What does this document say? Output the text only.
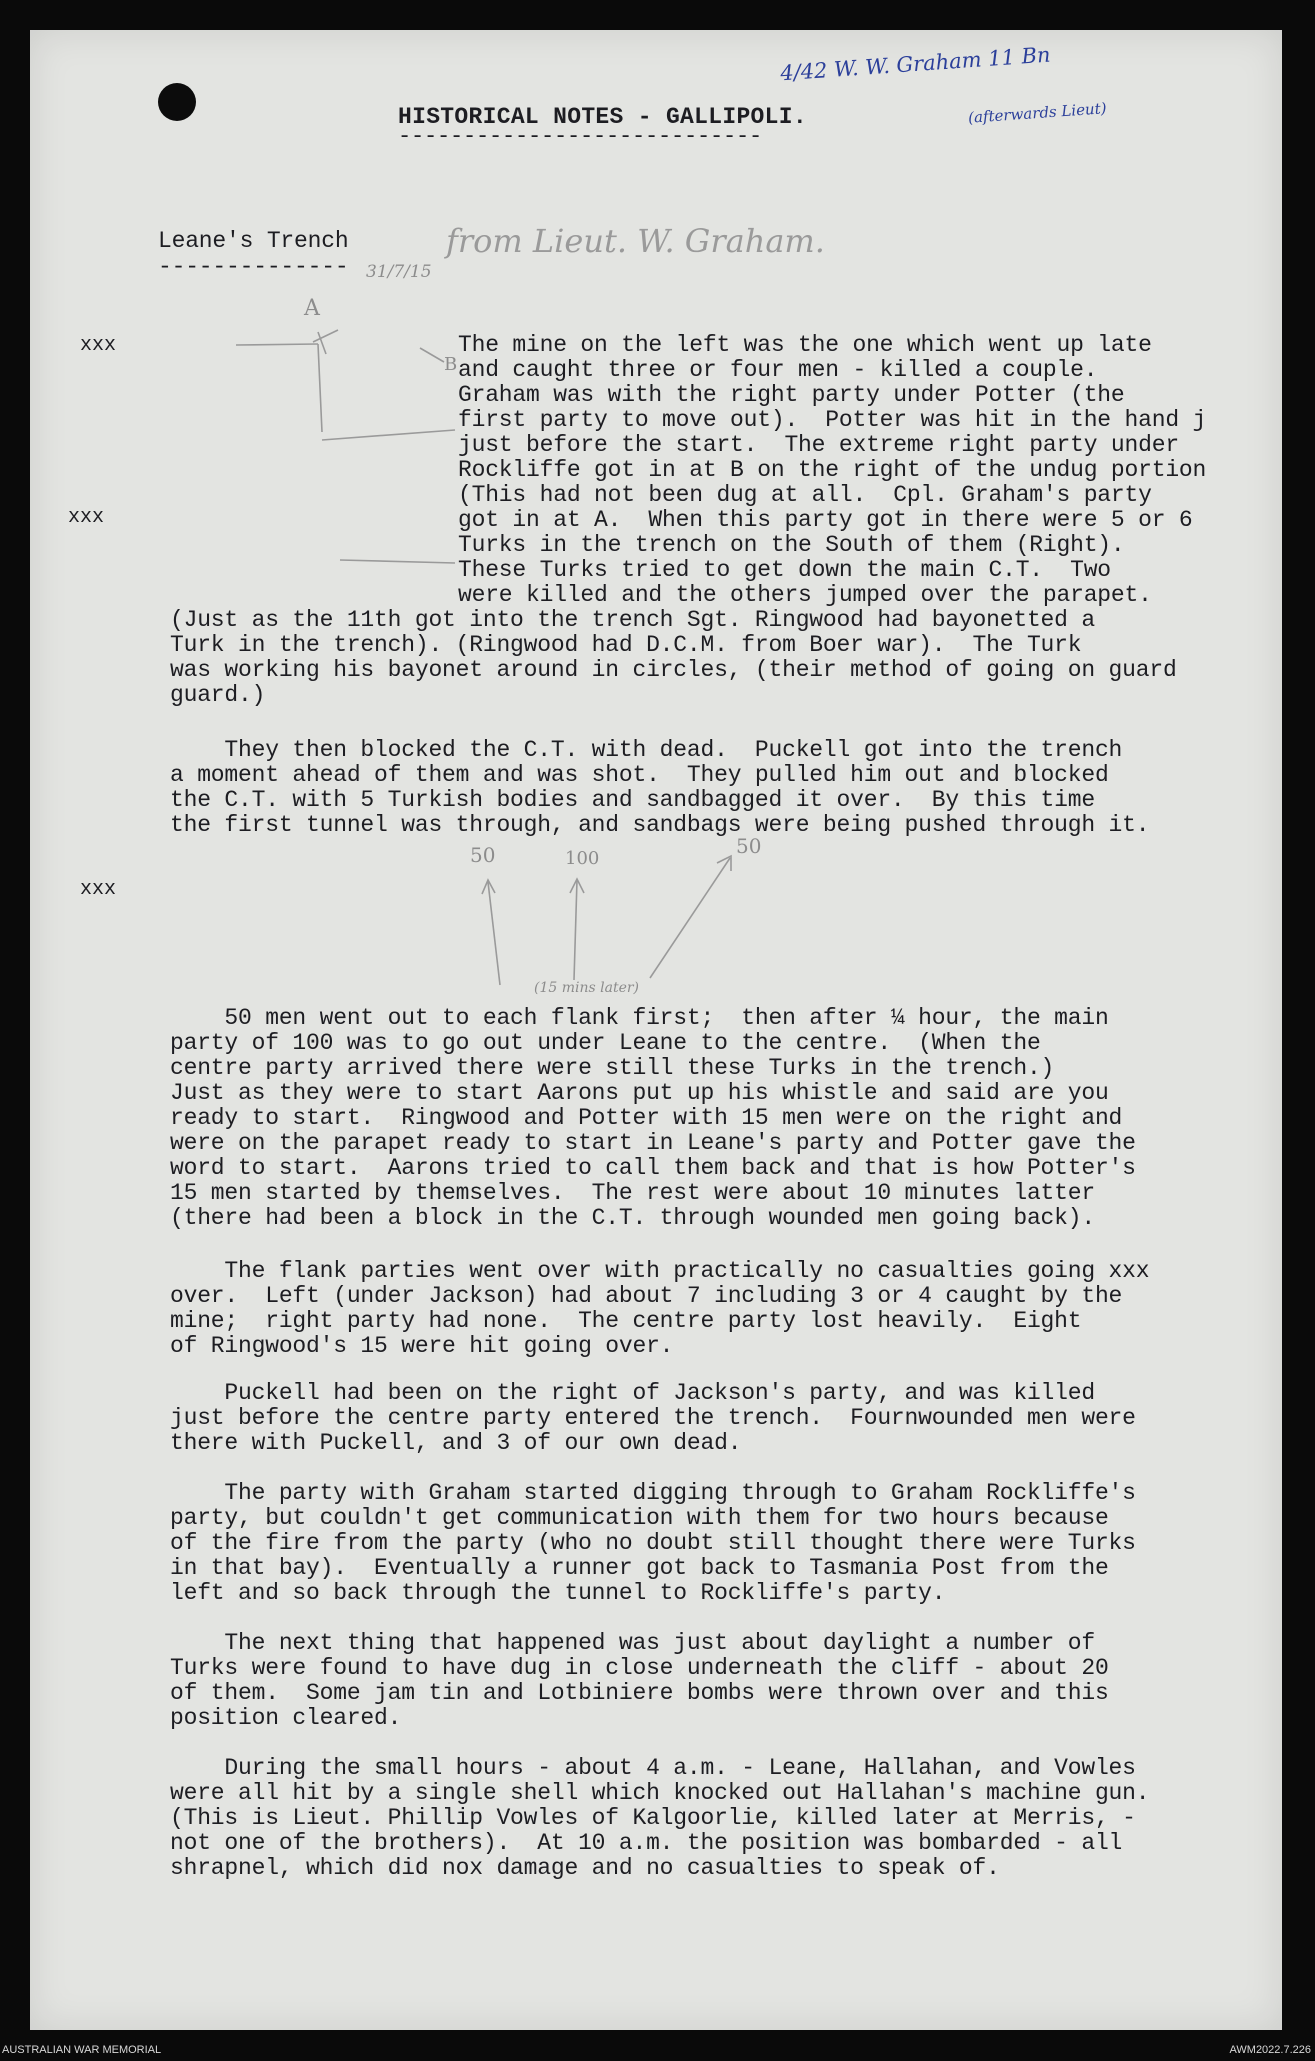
HISTORICAL NOTES - GALLIPOLI.
----------------------------
4/42 W. W. Graham 11 Bn
(afterwards Lieut)
Leane's Trench
-------------- 31/7/15
from Lieut. W. Graham.
xxx
xxx
xxx
A
B

The mine on the left was the one which went up late

and caught three or four men - killed a couple.

Graham was with the right party under Potter (the

first party to move out).  Potter was hit in the hand j

just before the start.  The extreme right party under

Rockliffe got in at B on the right of the undug portion

(This had not been dug at all.  Cpl. Graham's party

got in at A.  When this party got in there were 5 or 6

Turks in the trench on the South of them (Right).

These Turks tried to get down the main C.T.  Two

were killed and the others jumped over the parapet.

(Just as the 11th got into the trench Sgt. Ringwood had bayonetted a

Turk in the trench). (Ringwood had D.C.M. from Boer war).  The Turk

was working his bayonet around in circles, (their method of going on guard

guard.)

They then blocked the C.T. with dead.  Puckell got into the trench

a moment ahead of them and was shot.  They pulled him out and blocked

the C.T. with 5 Turkish bodies and sandbagged it over.  By this time

the first tunnel was through, and sandbags were being pushed through it.

50	100
50
(15 mins later)

50 men went out to each flank first;  then after ¼ hour, the main

party of 100 was to go out under Leane to the centre.  (When the

centre party arrived there were still these Turks in the trench.)

Just as they were to start Aarons put up his whistle and said are you

ready to start.  Ringwood and Potter with 15 men were on the right and

were on the parapet ready to start in Leane's party and Potter gave the

word to start.  Aarons tried to call them back and that is how Potter's

15 men started by themselves.  The rest were about 10 minutes latter

(there had been a block in the C.T. through wounded men going back).

The flank parties went over with practically no casualties going xxx

over.  Left (under Jackson) had about 7 including 3 or 4 caught by the

mine;  right party had none.  The centre party lost heavily.  Eight

of Ringwood's 15 were hit going over.

Puckell had been on the right of Jackson's party, and was killed

just before the centre party entered the trench.  Fournwounded men were

there with Puckell, and 3 of our own dead.

The party with Graham started digging through to Graham Rockliffe's

party, but couldn't get communication with them for two hours because

of the fire from the party (who no doubt still thought there were Turks

in that bay).  Eventually a runner got back to Tasmania Post from the

left and so back through the tunnel to Rockliffe's party.

The next thing that happened was just about daylight a number of

Turks were found to have dug in close underneath the cliff - about 20

of them.  Some jam tin and Lotbiniere bombs were thrown over and this

position cleared.

During the small hours - about 4 a.m. - Leane, Hallahan, and Vowles

were all hit by a single shell which knocked out Hallahan's machine gun.

(This is Lieut. Phillip Vowles of Kalgoorlie, killed later at Merris, -

not one of the brothers).  At 10 a.m. the position was bombarded - all

shrapnel, which did nox damage and no casualties to speak of.

AUSTRALIAN WAR MEMORIAL	AWM2022.7.226
